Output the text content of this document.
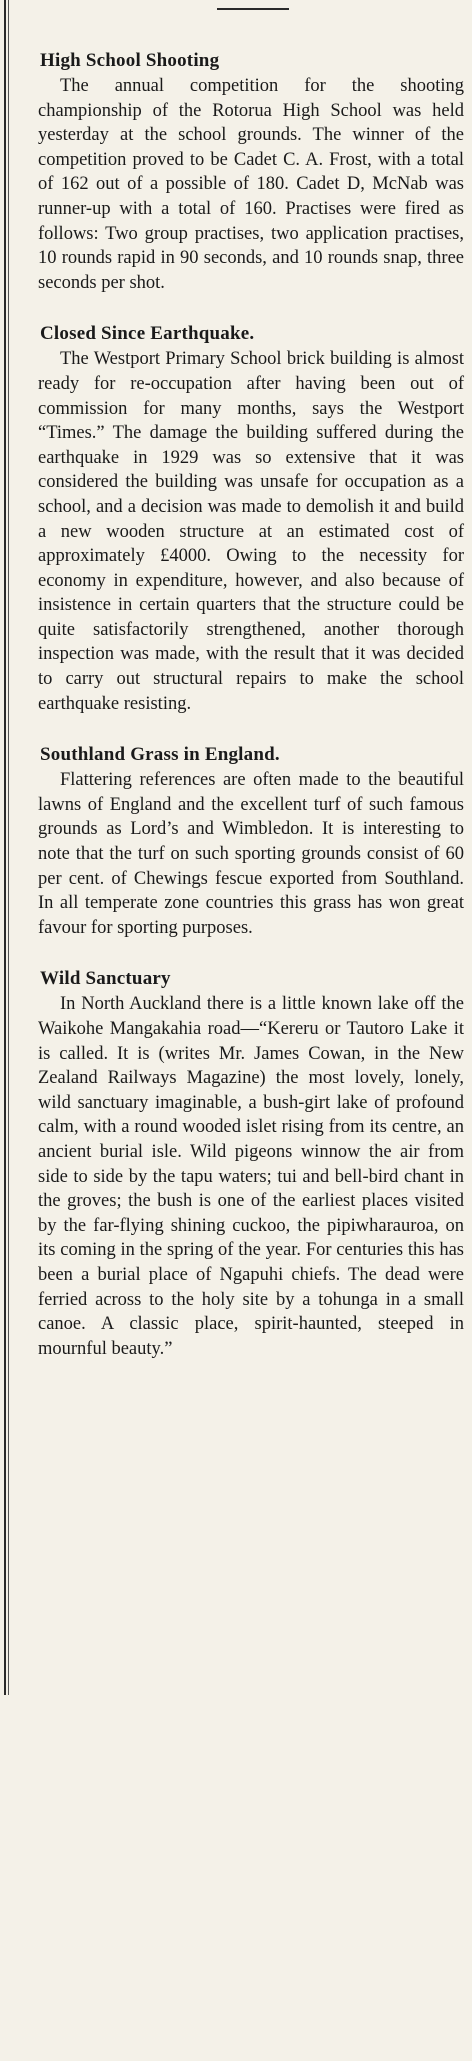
High School Shooting

The annual competition for the shooting championship of the Rotorua High School was held yesterday at the school grounds. The winner of the competition proved to be Cadet C. A. Frost, with a total of 162 out of a possible of 180. Cadet D, McNab was runner-up with a total of 160. Practises were fired as follows: Two group practises, two application practises, 10 rounds rapid in 90 seconds, and 10 rounds snap, three seconds per shot.

Closed Since Earthquake.

The Westport Primary School brick building is almost ready for re-occupation after having been out of commission for many months, says the Westport “Times.” The damage the building suffered during the earthquake in 1929 was so extensive that it was considered the building was unsafe for occupation as a school, and a decision was made to demolish it and build a new wooden structure at an estimated cost of approximately £4000. Owing to the necessity for economy in expenditure, however, and also because of insistence in certain quarters that the structure could be quite satisfactorily strengthened, another thorough inspection was made, with the result that it was decided to carry out structural repairs to make the school earthquake resisting.

Southland Grass in England.

Flattering references are often made to the beautiful lawns of England and the excellent turf of such famous grounds as Lord’s and Wimbledon. It is interesting to note that the turf on such sporting grounds consist of 60 per cent. of Chewings fescue exported from Southland. In all temperate zone countries this grass has won great favour for sporting purposes.

Wild Sanctuary

In North Auckland there is a little known lake off the Waikohe Mangakahia road—“Kereru or Tautoro Lake it is called. It is (writes Mr. James Cowan, in the New Zealand Railways Magazine) the most lovely, lonely, wild sanctuary imaginable, a bush-girt lake of profound calm, with a round wooded islet rising from its centre, an ancient burial isle. Wild pigeons winnow the air from side to side by the tapu waters; tui and bell-bird chant in the groves; the bush is one of the earliest places visited by the far-flying shining cuckoo, the pipiwharauroa, on its coming in the spring of the year. For centuries this has been a burial place of Ngapuhi chiefs. The dead were ferried across to the holy site by a tohunga in a small canoe. A classic place, spirit-haunted, steeped in mournful beauty.”
